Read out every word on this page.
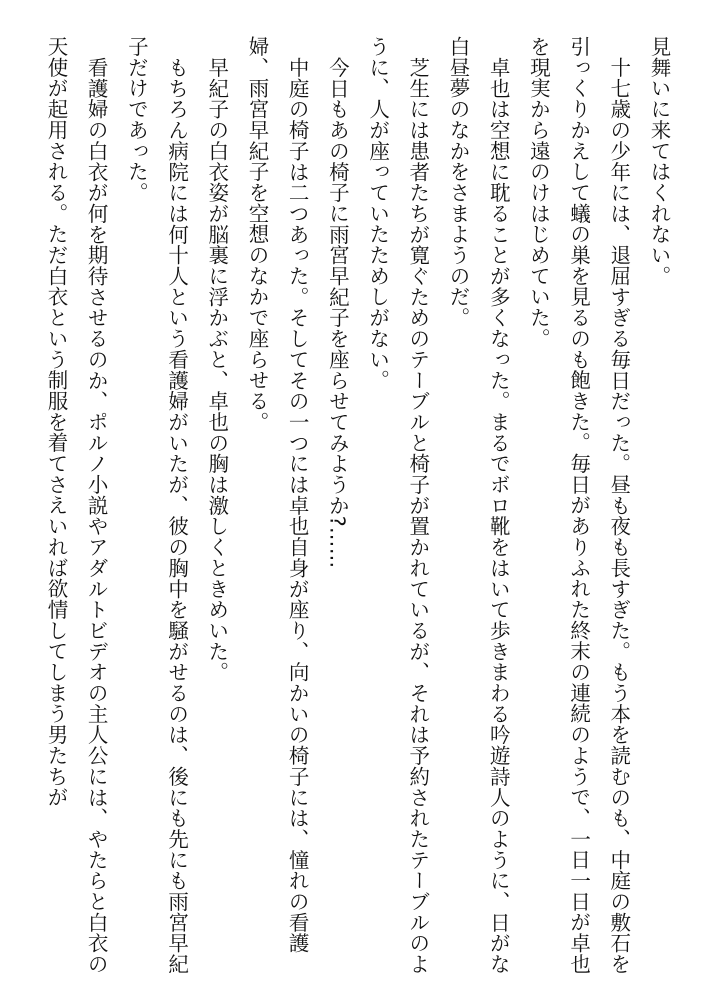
見舞いに来てはくれない。

十七歳の少年には、退屈すぎる毎日だった。昼も夜も長すぎた。もう本を読むのも、中庭の敷石を引っくりかえして蟻の巣を見るのも飽きた。毎日がありふれた終末の連続のようで、一日一日が卓也を現実から遠のけはじめていた。

卓也は空想に耽ることが多くなった。まるでボロ靴をはいて歩きまわる吟遊詩人のように、日がな白昼夢のなかをさまようのだ。

芝生には患者たちが寛ぐためのテーブルと椅子が置かれているが、それは予約されたテーブルのように、人が座っていたためしがない。

今日もあの椅子に雨宮早紀子を座らせてみようか?……

中庭の椅子は二つあった。そしてその一つには卓也自身が座り、向かいの椅子には、憧れの看護婦、雨宮早紀子を空想のなかで座らせる。

早紀子の白衣姿が脳裏に浮かぶと、卓也の胸は激しくときめいた。

もちろん病院には何十人という看護婦がいたが、彼の胸中を騒がせるのは、後にも先にも雨宮早紀子だけであった。

看護婦の白衣が何を期待させるのか、ポルノ小説やアダルトビデオの主人公には、やたらと白衣の天使が起用される。ただ白衣という制服を着てさえいれば欲情してしまう男たちが
